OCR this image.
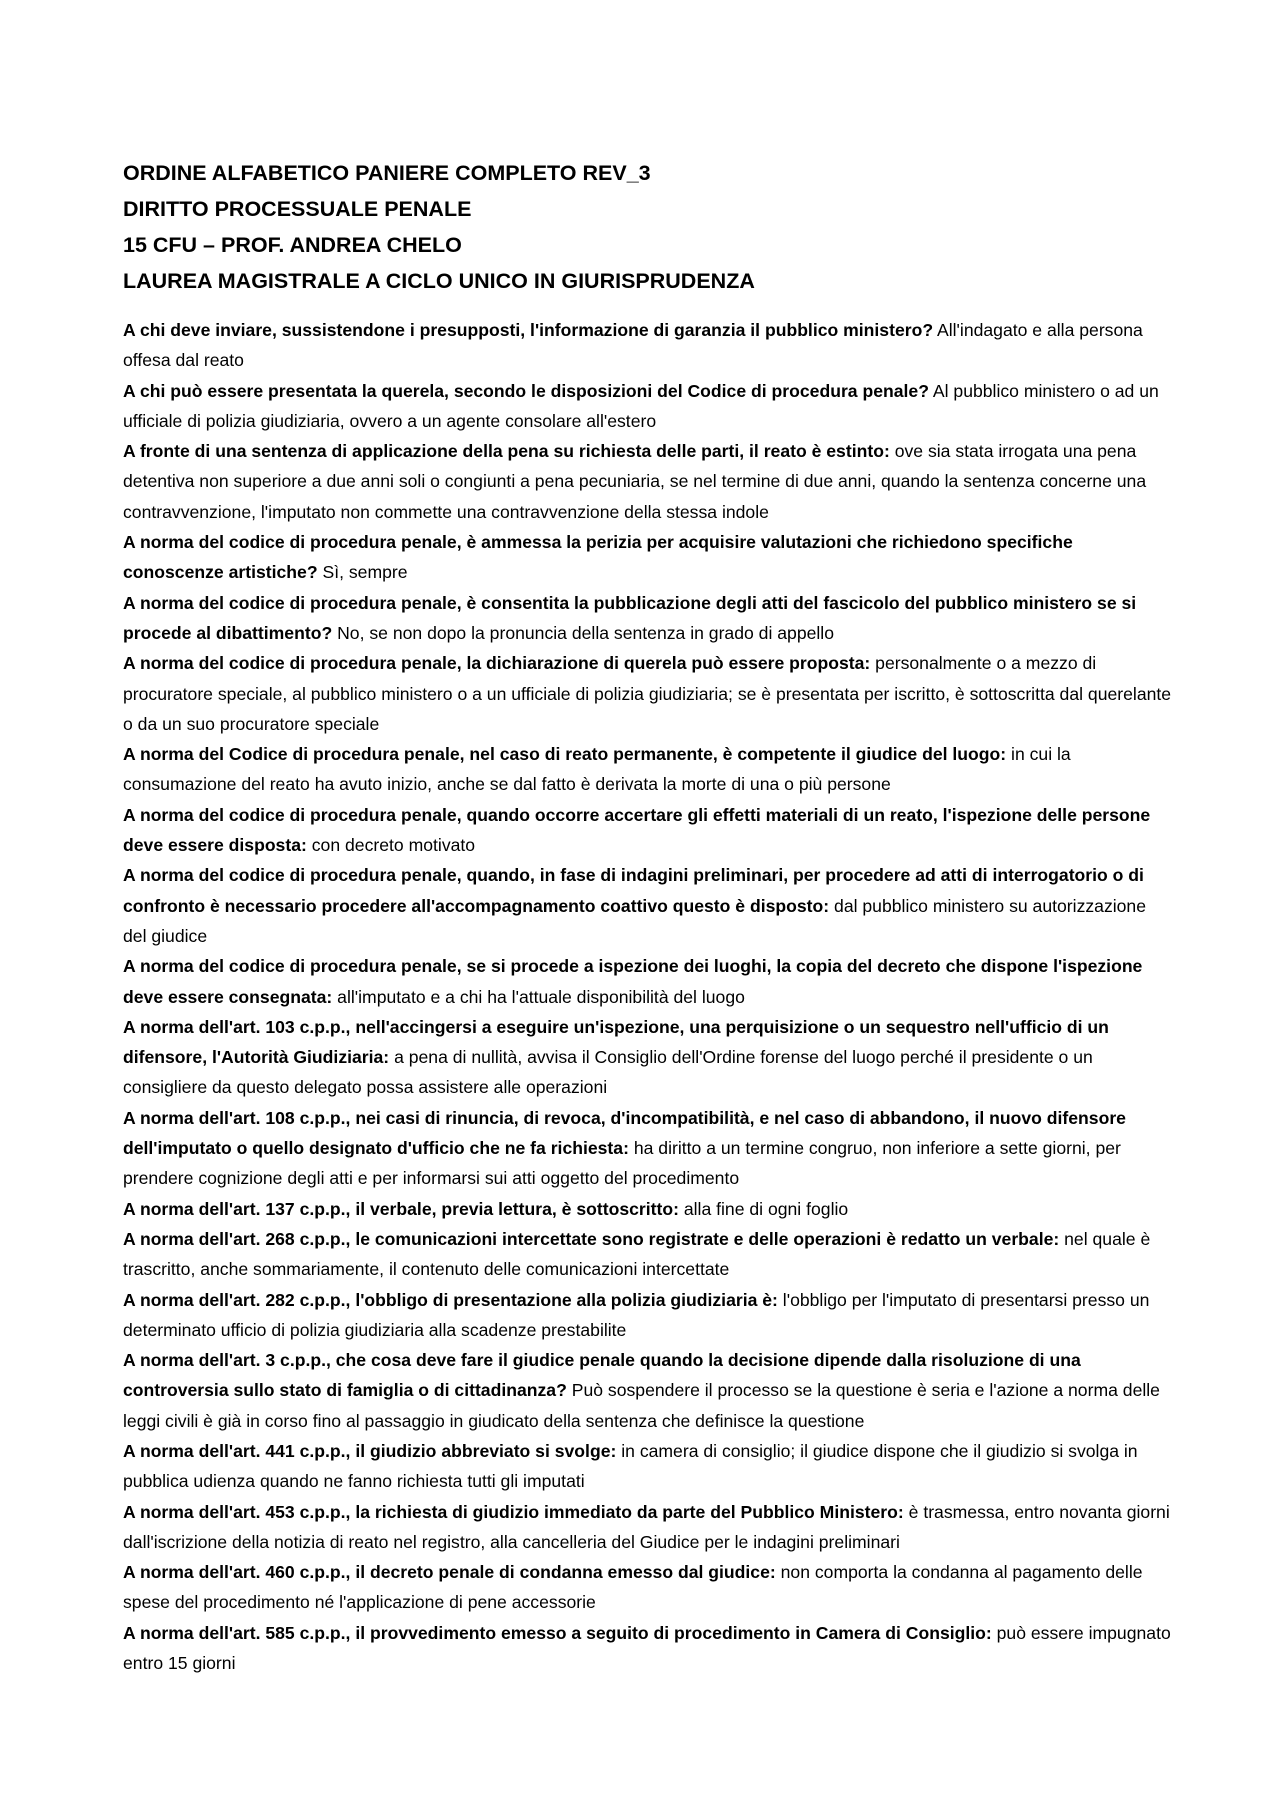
ORDINE ALFABETICO PANIERE COMPLETO REV_3
DIRITTO PROCESSUALE PENALE
15 CFU – PROF. ANDREA CHELO
LAUREA MAGISTRALE A CICLO UNICO IN GIURISPRUDENZA

A chi deve inviare, sussistendone i presupposti, l'informazione di garanzia il pubblico ministero? All'indagato e alla persona offesa dal reato

A chi può essere presentata la querela, secondo le disposizioni del Codice di procedura penale? Al pubblico ministero o ad un ufficiale di polizia giudiziaria, ovvero a un agente consolare all'estero

A fronte di una sentenza di applicazione della pena su richiesta delle parti, il reato è estinto: ove sia stata irrogata una pena detentiva non superiore a due anni soli o congiunti a pena pecuniaria, se nel termine di due anni, quando la sentenza concerne una contravvenzione, l'imputato non commette una contravvenzione della stessa indole

A norma del codice di procedura penale, è ammessa la perizia per acquisire valutazioni che richiedono specifiche conoscenze artistiche? Sì, sempre

A norma del codice di procedura penale, è consentita la pubblicazione degli atti del fascicolo del pubblico ministero se si procede al dibattimento? No, se non dopo la pronuncia della sentenza in grado di appello

A norma del codice di procedura penale, la dichiarazione di querela può essere proposta: personalmente o a mezzo di procuratore speciale, al pubblico ministero o a un ufficiale di polizia giudiziaria; se è presentata per iscritto, è sottoscritta dal querelante o da un suo procuratore speciale

A norma del Codice di procedura penale, nel caso di reato permanente, è competente il giudice del luogo: in cui la consumazione del reato ha avuto inizio, anche se dal fatto è derivata la morte di una o più persone

A norma del codice di procedura penale, quando occorre accertare gli effetti materiali di un reato, l'ispezione delle persone deve essere disposta: con decreto motivato

A norma del codice di procedura penale, quando, in fase di indagini preliminari, per procedere ad atti di interrogatorio o di confronto è necessario procedere all'accompagnamento coattivo questo è disposto: dal pubblico ministero su autorizzazione del giudice

A norma del codice di procedura penale, se si procede a ispezione dei luoghi, la copia del decreto che dispone l'ispezione deve essere consegnata: all'imputato e a chi ha l'attuale disponibilità del luogo

A norma dell'art. 103 c.p.p., nell'accingersi a eseguire un'ispezione, una perquisizione o un sequestro nell'ufficio di un difensore, l'Autorità Giudiziaria: a pena di nullità, avvisa il Consiglio dell'Ordine forense del luogo perché il presidente o un consigliere da questo delegato possa assistere alle operazioni

A norma dell'art. 108 c.p.p., nei casi di rinuncia, di revoca, d'incompatibilità, e nel caso di abbandono, il nuovo difensore dell'imputato o quello designato d'ufficio che ne fa richiesta: ha diritto a un termine congruo, non inferiore a sette giorni, per prendere cognizione degli atti e per informarsi sui atti oggetto del procedimento

A norma dell'art. 137 c.p.p., il verbale, previa lettura, è sottoscritto: alla fine di ogni foglio

A norma dell'art. 268 c.p.p., le comunicazioni intercettate sono registrate e delle operazioni è redatto un verbale: nel quale è trascritto, anche sommariamente, il contenuto delle comunicazioni intercettate

A norma dell'art. 282 c.p.p., l'obbligo di presentazione alla polizia giudiziaria è: l'obbligo per l'imputato di presentarsi presso un determinato ufficio di polizia giudiziaria alla scadenze prestabilite

A norma dell'art. 3 c.p.p., che cosa deve fare il giudice penale quando la decisione dipende dalla risoluzione di una controversia sullo stato di famiglia o di cittadinanza? Può sospendere il processo se la questione è seria e l'azione a norma delle leggi civili è già in corso fino al passaggio in giudicato della sentenza che definisce la questione

A norma dell'art. 441 c.p.p., il giudizio abbreviato si svolge: in camera di consiglio; il giudice dispone che il giudizio si svolga in pubblica udienza quando ne fanno richiesta tutti gli imputati

A norma dell'art. 453 c.p.p., la richiesta di giudizio immediato da parte del Pubblico Ministero: è trasmessa, entro novanta giorni dall'iscrizione della notizia di reato nel registro, alla cancelleria del Giudice per le indagini preliminari

A norma dell'art. 460 c.p.p., il decreto penale di condanna emesso dal giudice: non comporta la condanna al pagamento delle spese del procedimento né l'applicazione di pene accessorie

A norma dell'art. 585 c.p.p., il provvedimento emesso a seguito di procedimento in Camera di Consiglio: può essere impugnato entro 15 giorni
